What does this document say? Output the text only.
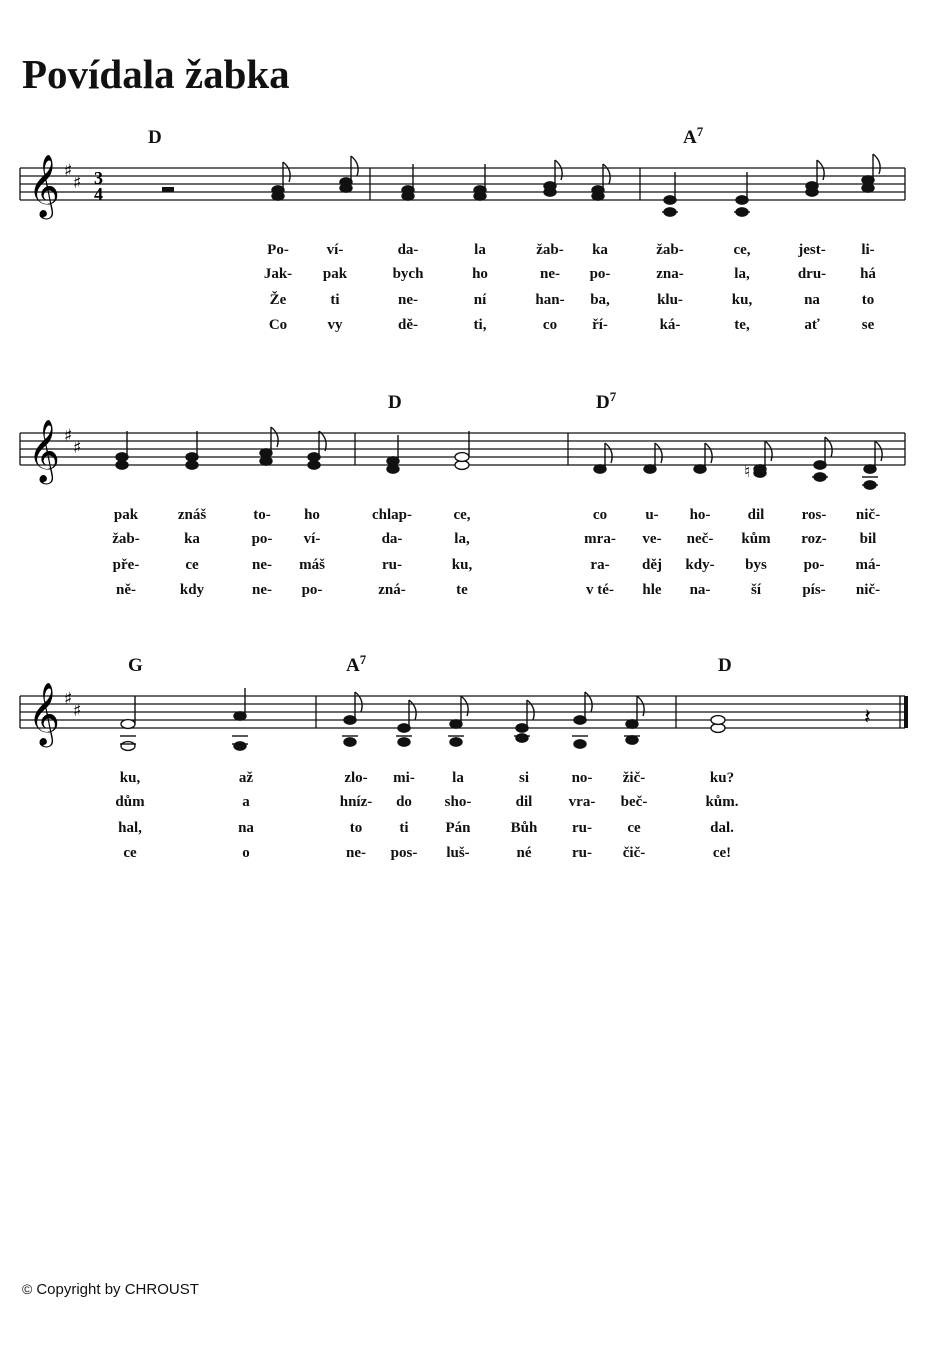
Povídala žabka
𝄞 ♯
♯ 3
4
D	$A^7$
Po-	ví-	da-	la	žab- ka	žab-	ce,	jest- li-
Jak- pak	bych	ho	ne- po-	zna-	la,	dru- há
Že	ti	ne-	ní	han- ba,	klu-	ku,	na	to
Co	vy	dě-	ti,	co ří-	ká-	te,	ať	se
𝄞 ♯
♯
♮
D	$D^7$
pak	znáš	to- ho	chlap-	ce,	co	u- ho- dil ros- nič-
žab-	ka	po- ví-	da-	la,	mra- ve- neč- kům roz- bil
pře-	ce	ne- máš	ru-	ku,	ra- děj kdy- bys po- má-
ně-	kdy	ne- po-	zná-	te	v té- hle na-	ší	pís- nič-
𝄞 ♯
♯	𝄽
G	$A^7$	D
ku,	až	zlo- mi- la	si	no- žič-	ku?
dům	a	hníz- do sho-	dil vra- beč-	kům.
hal,	na	to ti Pán	Bůh ru- ce	dal.
ce	o	ne- pos- luš-	né	ru- čič-	ce!
© Copyright by CHROUST
